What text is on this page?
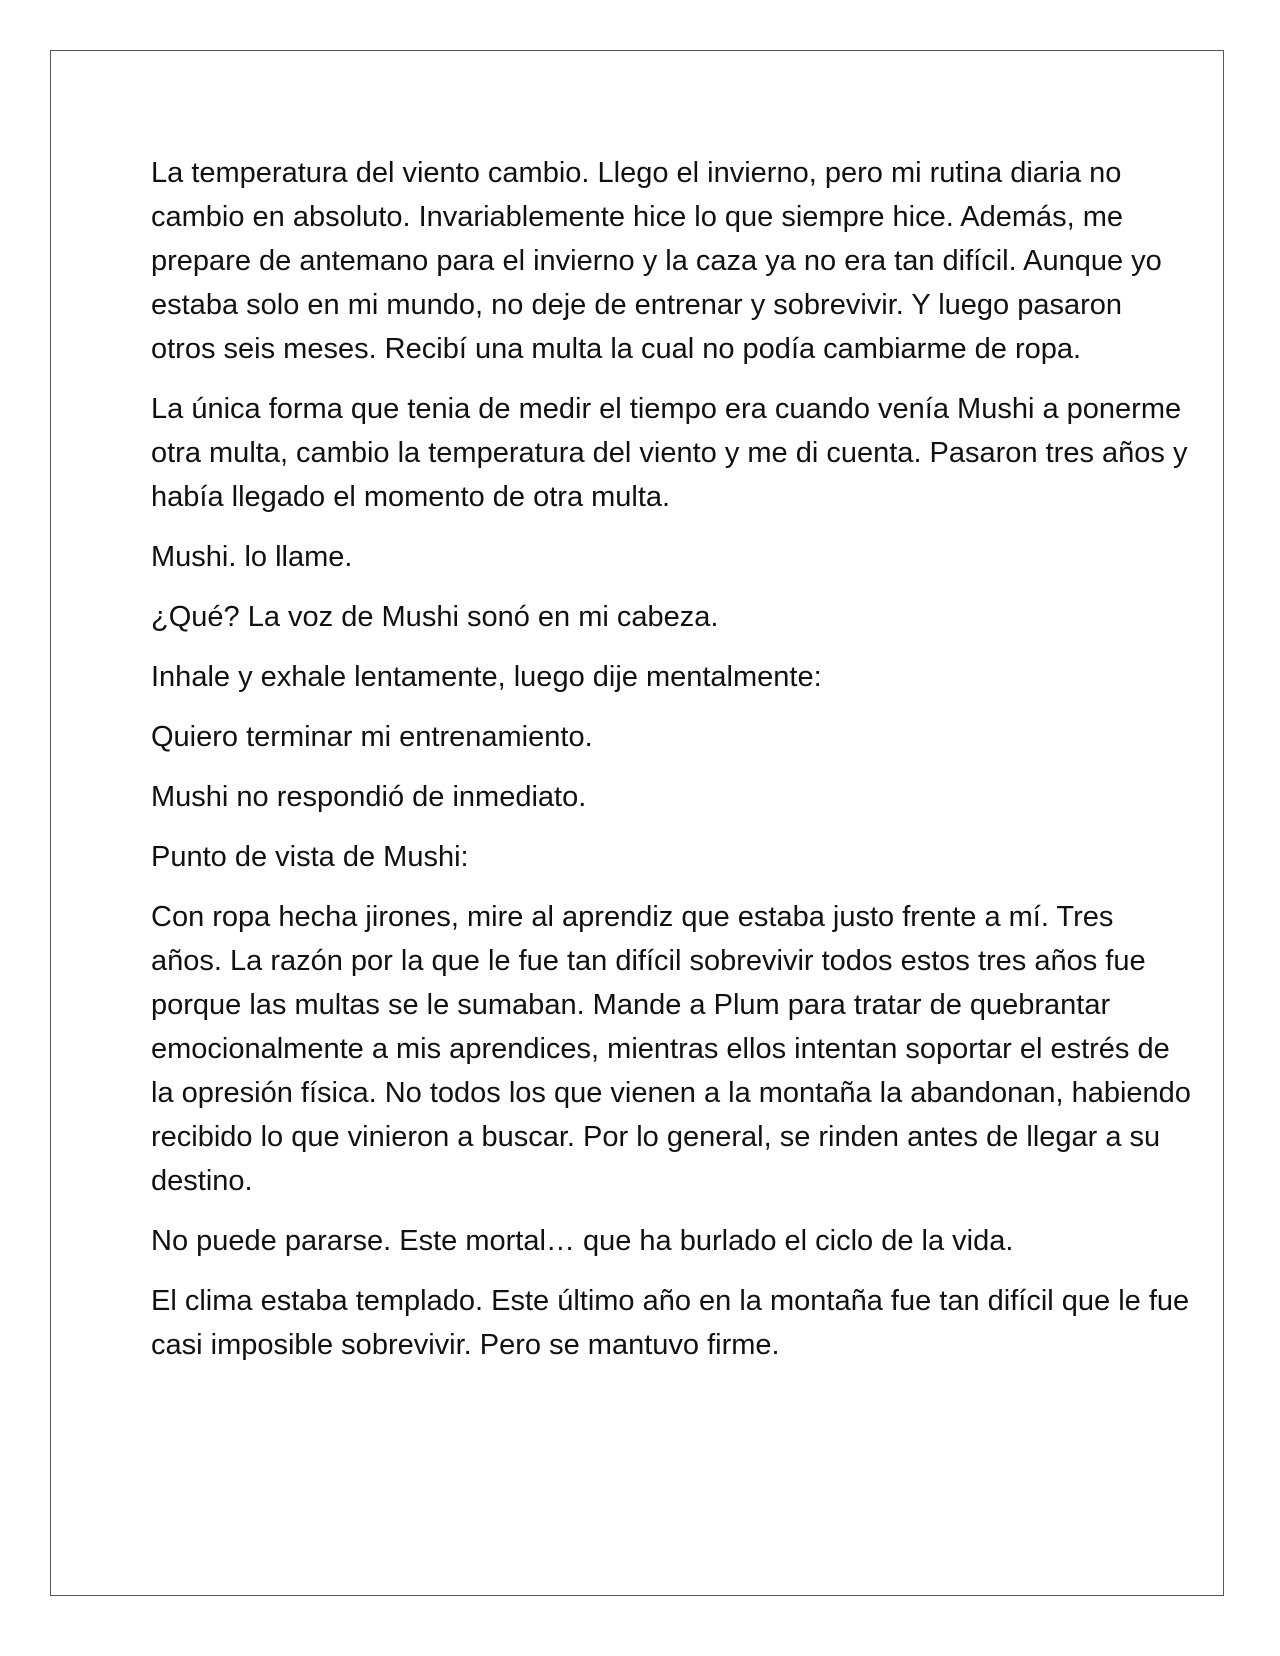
La temperatura del viento cambio. Llego el invierno, pero mi rutina diaria no cambio en absoluto. Invariablemente hice lo que siempre hice. Además, me prepare de antemano para el invierno y la caza ya no era tan difícil. Aunque yo estaba solo en mi mundo, no deje de entrenar y sobrevivir. Y luego pasaron otros seis meses. Recibí una multa la cual no podía cambiarme de ropa.

La única forma que tenia de medir el tiempo era cuando venía Mushi a ponerme otra multa, cambio la temperatura del viento y me di cuenta. Pasaron tres años y había llegado el momento de otra multa.

Mushi. lo llame.

¿Qué? La voz de Mushi sonó en mi cabeza.

Inhale y exhale lentamente, luego dije mentalmente:

Quiero terminar mi entrenamiento.

Mushi no respondió de inmediato.

Punto de vista de Mushi:

Con ropa hecha jirones, mire al aprendiz que estaba justo frente a mí. Tres años. La razón por la que le fue tan difícil sobrevivir todos estos tres años fue porque las multas se le sumaban. Mande a Plum para tratar de quebrantar emocionalmente a mis aprendices, mientras ellos intentan soportar el estrés de la opresión física. No todos los que vienen a la montaña la abandonan, habiendo recibido lo que vinieron a buscar. Por lo general, se rinden antes de llegar a su destino.

No puede pararse. Este mortal… que ha burlado el ciclo de la vida.

El clima estaba templado. Este último año en la montaña fue tan difícil que le fue casi imposible sobrevivir. Pero se mantuvo firme.
